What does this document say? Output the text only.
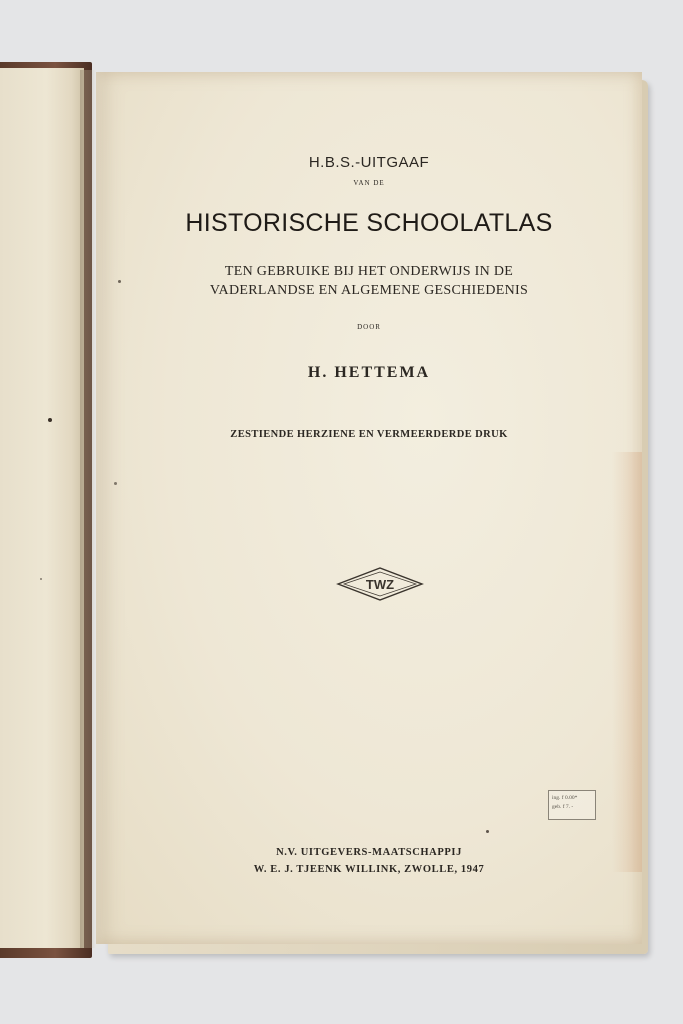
H.B.S.-UITGAAF
VAN DE
HISTORISCHE SCHOOLATLAS
TEN GEBRUIKE BIJ HET ONDERWIJS IN DE
VADERLANDSE EN ALGEMENE GESCHIEDENIS
DOOR
H. HETTEMA
ZESTIENDE HERZIENE EN VERMEERDERDE DRUK
TWZ
ing. f 0.00*
geb. f 7. -
N.V. UITGEVERS-MAATSCHAPPIJ
W. E. J. TJEENK WILLINK, ZWOLLE, 1947
